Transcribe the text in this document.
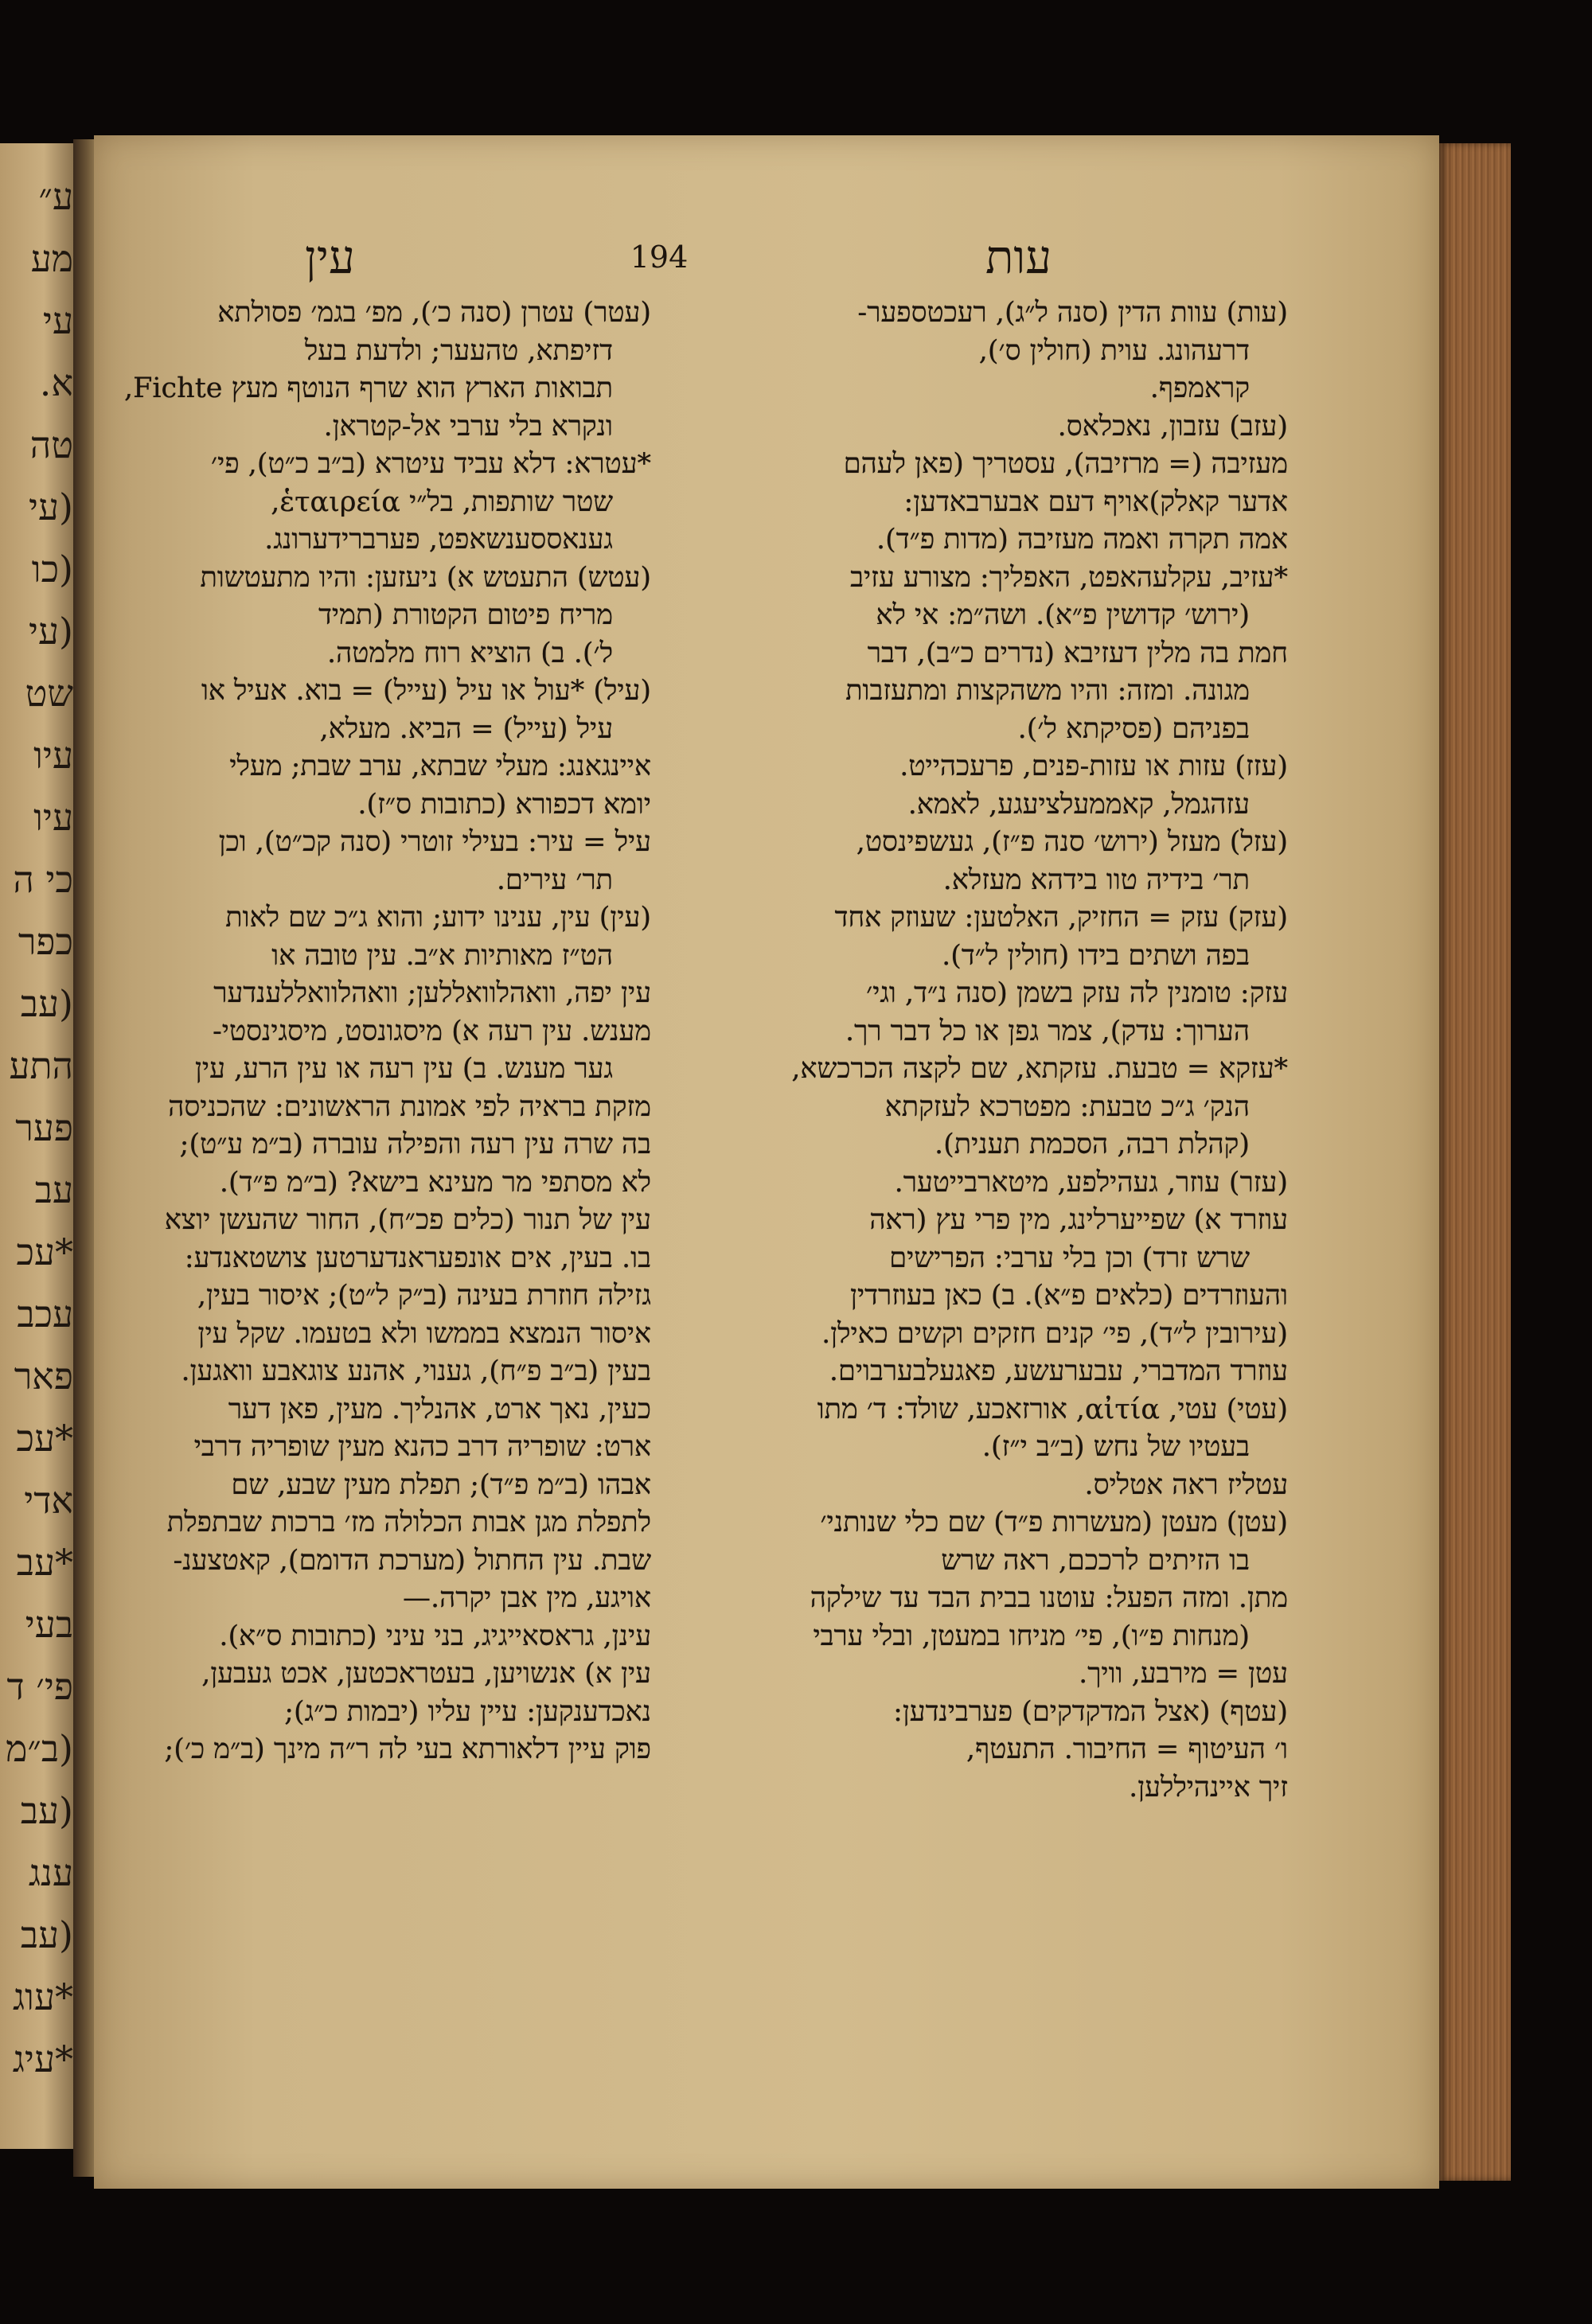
ע״
מע
עי
א.
טה
(עי
(כו
(עי
שט
עיו
עיו
כי ה
כפר
(עב
התע
פער
עב
*עכ
עכב
פאר
*עכ
אדי
*עב
בעי
פי׳ ד
(ב״מ
(עב
ענג
(עב
*עוג
*עיג
עין	194	עות
(עות) עוות הדין (סנה ל״ג), רעכטספער-
דרעהונג. עוית (חולין ס׳),
קראמפף.
(עזב) עזבון, נאכלאס.
מעזיבה (= מרזיבה), עסטריך (פאן לעהם
אדער קאלק)אויף דעם אבערבאדען:
אמה תקרה ואמה מעזיבה (מדות פ״ד).
*עזיב, עקלעהאפט, האפליך: מצורע עזיב
(ירוש׳ קדושין פ״א). ושה״מ: אי לא
חמת בה מלין דעזיבא (נדרים כ״ב), דבר
מגונה. ומזה: והיו משהקצות ומתעזבות
בפניהם (פסיקתא ל׳).
(עזז) עזות או עזות-פנים, פרעכהייט.
עזהגמל, קאממעלציעגע, לאמא.
(עזל) מעזל (ירוש׳ סנה פ״ז), געשפינסט,
תר׳ בידיה טוו בידהא מעזלא.
(עזק) עזק = החזיק, האלטען: שעוזק אחד
בפה ושתים בידו (חולין ל״ד).
עזק: טומנין לה עזק בשמן (סנה נ״ד, וגי׳
הערוך: עדק), צמר גפן או כל דבר רך.
*עזקא = טבעת. עזקתא, שם לקצה הכרכשא,
הנק׳ ג״כ טבעת: מפטרכא לעזקתא
(קהלת רבה, הסכמת תענית).
(עזר) עוזר, געהילפע, מיטארבייטער.
עוזרד א) שפייערלינג, מין פרי עץ (ראה
שרש זרד) וכן בלי ערבי: הפרישים
והעוזרדים (כלאים פ״א). ב) כאן בעוזרדין
(עירובין ל״ד), פי׳ קנים חזקים וקשים כאילן.
עוזרד המדברי, עבערעשע, פאגעלבערבוים.
(עטי) עטי, αἰτία, אורזאכע, שולד: ד׳ מתו
בעטיו של נחש (ב״ב י״ז).
עטליז ראה אטליס.
(עטן) מעטן (מעשרות פ״ד) שם כלי שנותני׳
בו הזיתים לרככם, ראה שרש
מתן. ומזה הפעל: עוטנו בבית הבד עד שילקה
(מנחות פ״ו), פי׳ מניחו במעטן, ובלי ערבי
עטן = מירבע, וויך.
(עטף) (אצל המדקדקים) פערבינדען:
ו׳ העיטוף = החיבור. התעטף,
זיך איינהיללען.
(עטר) עטרן (סנה כ׳), מפ׳ בגמ׳ פסולתא
דזיפתא, טהעער; ולדעת בעל
תבואות הארץ הוא שרף הנוטף מעץ Fichte,
ונקרא בלי ערבי אל-קטראן.
*עטרא: דלא עביד עיטרא (ב״ב כ״ט), פי׳
שטר שותפות, בל״י ἑταιρεία,
גענאססענשאפט, פערברידערונג.
(עטש) התעטש א) ניעזען: והיו מתעטשות
מריח פיטום הקטורת (תמיד
ל׳). ב) הוציא רוח מלמטה.
(עיל) *עול או עיל (עייל) = בוא. אעיל או
עיל (עייל) = הביא. מעלא,
איינגאנג: מעלי שבתא, ערב שבת; מעלי
יומא דכפורא (כתובות ס״ז).
עיל = עיר: בעילי זוטרי (סנה קכ״ט), וכן
תר׳ עירים.
(עין) עין, ענינו ידוע; והוא ג״כ שם לאות
הט״ז מאותיות א״ב. עין טובה או
עין יפה, וואהלוואללען; וואהלוואללענדער
מענש. עין רעה א) מיסגונסט, מיסגינסטי-
גער מענש. ב) עין רעה או עין הרע, עין
מזקת בראיה לפי אמונת הראשונים: שהכניסה
בה שרה עין רעה והפילה עוברה (ב״מ ע״ט);
לא מסתפי מר מעינא בישא? (ב״מ פ״ד).
עין של תנור (כלים פכ״ח), החור שהעשן יוצא
בו. בעין, אים אונפעראנדערטען צושטאנדע:
גזילה חוזרת בעינה (ב״ק ל״ט); איסור בעין,
איסור הנמצא בממשו ולא בטעמו. שקל עין
בעין (ב״ב פ״ח), גענוי, אהנע צוגאבע וואגען.
כעין, נאך ארט, אהנליך. מעין, פאן דער
ארט: שופריה דרב כהנא מעין שופריה דרבי
אבהו (ב״מ פ״ד); תפלת מעין שבע, שם
לתפלת מגן אבות הכלולה מז׳ ברכות שבתפלת
שבת. עין החתול (מערכת הדומם), קאטצענ-
אויגע, מין אבן יקרה.—
עינן, גראסאייגיג, בני עיני (כתובות ס״א).
עין א) אנשויען, בעטראכטען, אכט געבען,
נאכדענקען: עיין עליו (יבמות כ״ג);
פוק עיין דלאורתא בעי לה ר״ה מינך (ב״מ כ׳);
